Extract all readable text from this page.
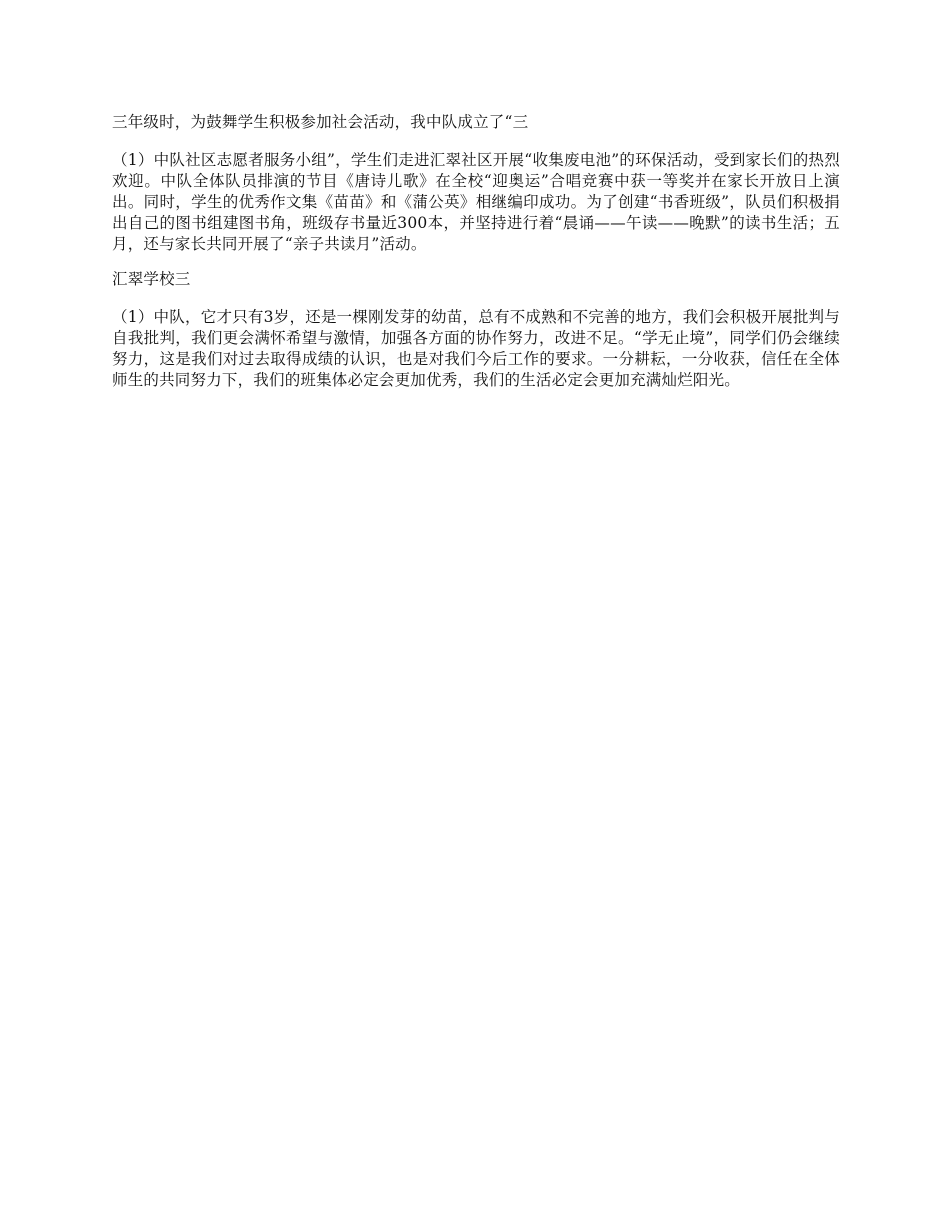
三年级时，为鼓舞学生积极参加社会活动，我中队成立了“三

（1）中队社区志愿者服务小组”，学生们走进汇翠社区开展“收集废电池”的环保活动，受到家长们的热烈欢迎。中队全体队员排演的节目《唐诗儿歌》在全校“迎奥运”合唱竞赛中获一等奖并在家长开放日上演出。同时，学生的优秀作文集《苗苗》和《蒲公英》相继编印成功。为了创建“书香班级”，队员们积极捐出自己的图书组建图书角，班级存书量近300本，并坚持进行着“晨诵——午读——晚默”的读书生活；五月，还与家长共同开展了“亲子共读月”活动。

汇翠学校三

（1）中队，它才只有3岁，还是一棵刚发芽的幼苗，总有不成熟和不完善的地方，我们会积极开展批判与自我批判，我们更会满怀希望与激情，加强各方面的协作努力，改进不足。“学无止境”，同学们仍会继续努力，这是我们对过去取得成绩的认识，也是对我们今后工作的要求。一分耕耘，一分收获，信任在全体师生的共同努力下，我们的班集体必定会更加优秀，我们的生活必定会更加充满灿烂阳光。
